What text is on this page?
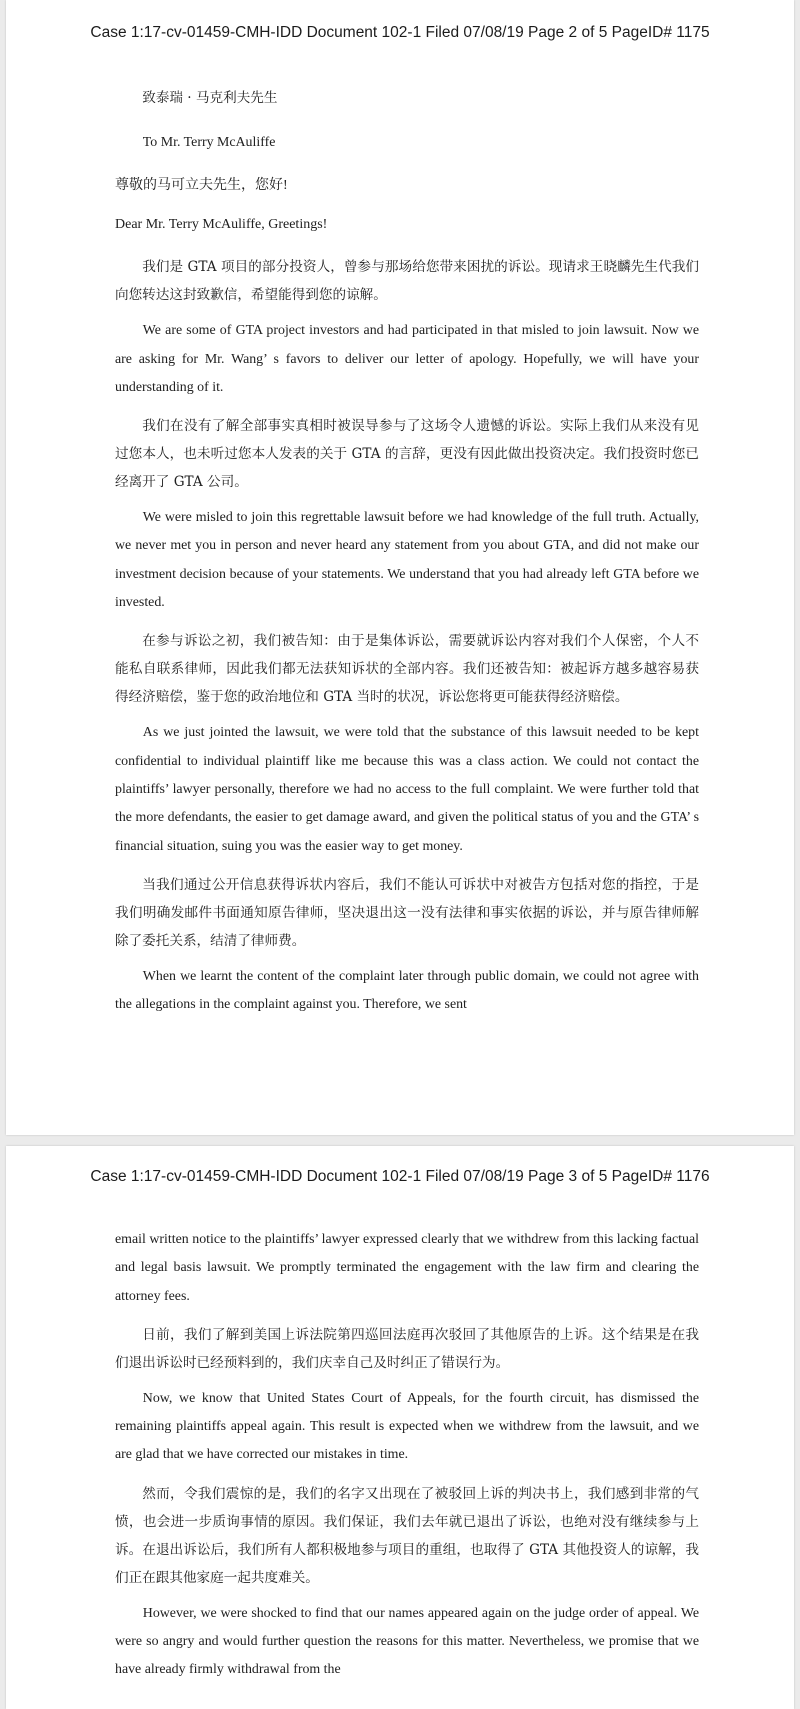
Case 1:17-cv-01459-CMH-IDD Document 102-1 Filed 07/08/19 Page 2 of 5 PageID# 1175

致泰瑞 · 马克利夫先生

To Mr. Terry McAuliffe

尊敬的马可立夫先生，您好!

Dear Mr. Terry McAuliffe, Greetings!

我们是 GTA 项目的部分投资人，曾参与那场给您带来困扰的诉讼。现请求王晓麟先生代我们向您转达这封致歉信，希望能得到您的谅解。

We are some of GTA project investors and had participated in that misled to join lawsuit. Now we are asking for Mr. Wang’ s favors to deliver our letter of apology. Hopefully, we will have your understanding of it.

我们在没有了解全部事实真相时被误导参与了这场令人遗憾的诉讼。实际上我们从来没有见过您本人，也未听过您本人发表的关于 GTA 的言辞，更没有因此做出投资决定。我们投资时您已经离开了 GTA 公司。

We were misled to join this regrettable lawsuit before we had knowledge of the full truth. Actually, we never met you in person and never heard any statement from you about GTA, and did not make our investment decision because of your statements. We understand that you had already left GTA before we invested.

在参与诉讼之初，我们被告知：由于是集体诉讼，需要就诉讼内容对我们个人保密，个人不能私自联系律师，因此我们都无法获知诉状的全部内容。我们还被告知：被起诉方越多越容易获得经济赔偿，鉴于您的政治地位和 GTA 当时的状况，诉讼您将更可能获得经济赔偿。

As we just jointed the lawsuit, we were told that the substance of this lawsuit needed to be kept confidential to individual plaintiff like me because this was a class action. We could not contact the plaintiffs’ lawyer personally, therefore we had no access to the full complaint. We were further told that the more defendants, the easier to get damage award, and given the political status of you and the GTA’ s financial situation, suing you was the easier way to get money.

当我们通过公开信息获得诉状内容后，我们不能认可诉状中对被告方包括对您的指控，于是我们明确发邮件书面通知原告律师，坚决退出这一没有法律和事实依据的诉讼，并与原告律师解除了委托关系，结清了律师费。

When we learnt the content of the complaint later through public domain, we could not agree with the allegations in the complaint against you. Therefore, we sent

Case 1:17-cv-01459-CMH-IDD Document 102-1 Filed 07/08/19 Page 3 of 5 PageID# 1176

email written notice to the plaintiffs’ lawyer expressed clearly that we withdrew from this lacking factual and legal basis lawsuit. We promptly terminated the engagement with the law firm and clearing the attorney fees.

日前，我们了解到美国上诉法院第四巡回法庭再次驳回了其他原告的上诉。这个结果是在我们退出诉讼时已经预料到的，我们庆幸自己及时纠正了错误行为。

Now, we know that United States Court of Appeals, for the fourth circuit, has dismissed the remaining plaintiffs appeal again. This result is expected when we withdrew from the lawsuit, and we are glad that we have corrected our mistakes in time.

然而，令我们震惊的是，我们的名字又出现在了被驳回上诉的判决书上，我们感到非常的气愤，也会进一步质询事情的原因。我们保证，我们去年就已退出了诉讼，也绝对没有继续参与上诉。在退出诉讼后，我们所有人都积极地参与项目的重组，也取得了 GTA 其他投资人的谅解，我们正在跟其他家庭一起共度难关。

However, we were shocked to find that our names appeared again on the judge order of appeal. We were so angry and would further question the reasons for this matter. Nevertheless, we promise that we have already firmly withdrawal from the
